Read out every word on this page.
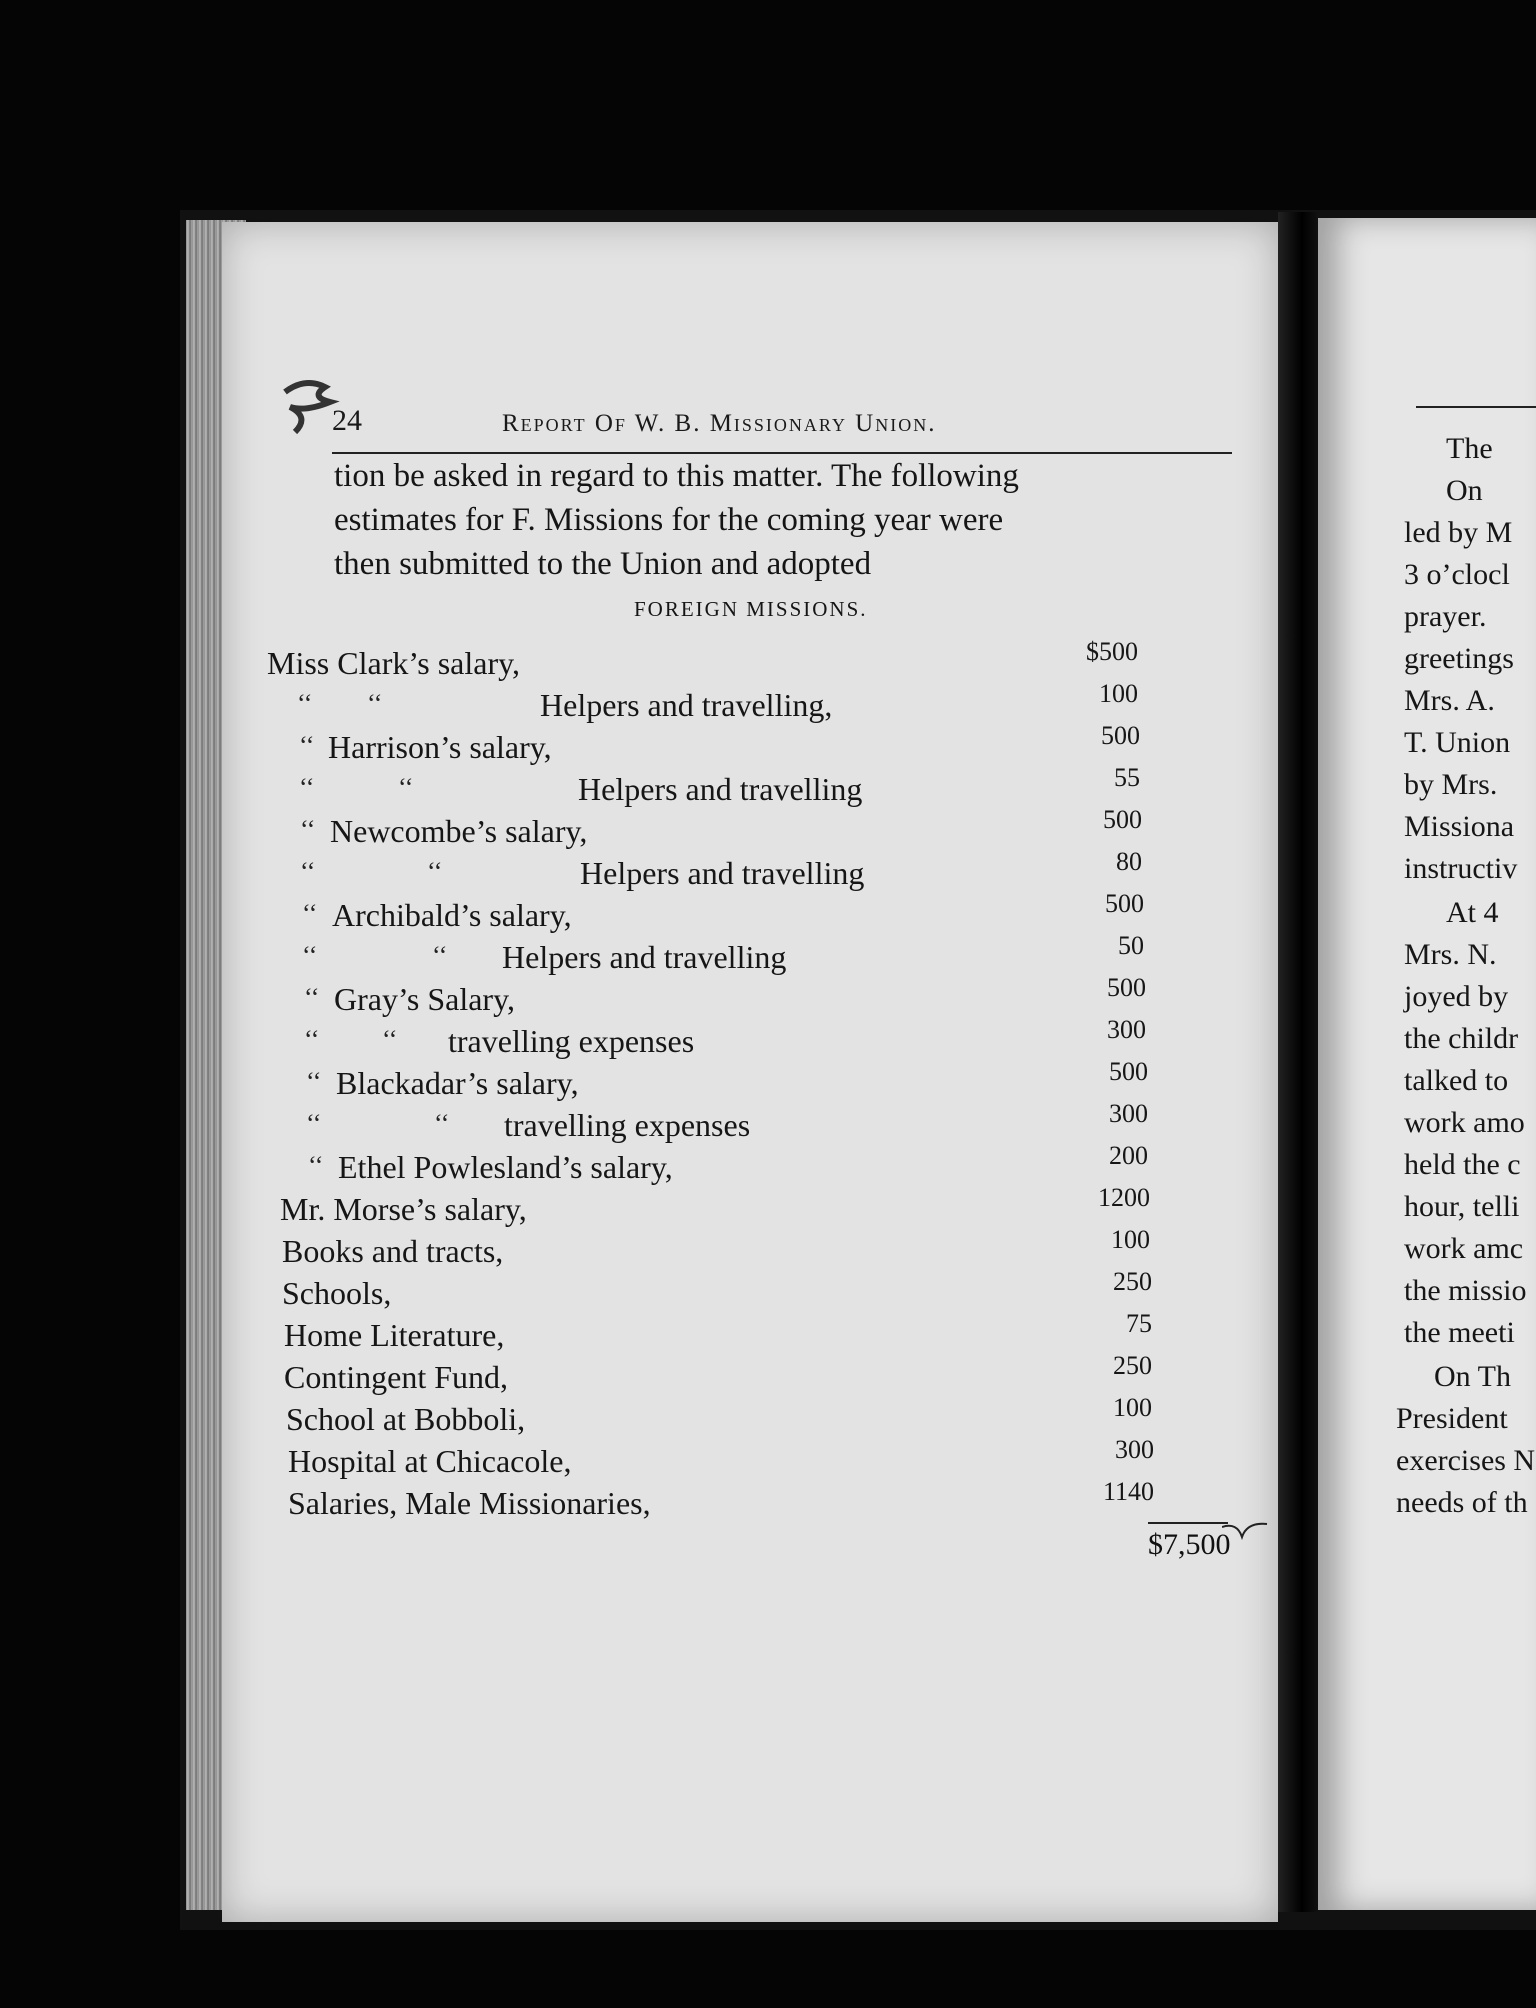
24	Report Of W. B. Missionary Union.
tion be asked in regard to this matter. The following
estimates for F. Missions for the coming year were
then submitted to the Union and adopted
FOREIGN MISSIONS.
Miss Clark’s salary,	$500
‘‘ ‘‘	Helpers and travelling,	100
‘‘ Harrison’s salary,	500
‘‘	‘‘	Helpers and travelling	55
‘‘ Newcombe’s salary,	500
‘‘	‘‘	Helpers and travelling	80
‘‘ Archibald’s salary,	500
‘‘	‘‘ Helpers and travelling	50
‘‘ Gray’s Salary,	500
‘‘ ‘‘ travelling expenses	300
‘‘ Blackadar’s salary,	500
‘‘	‘‘ travelling expenses	300
‘‘ Ethel Powlesland’s salary,	200
Mr. Morse’s salary,	1200
Books and tracts,	100
Schools,	250
Home Literature,	75
Contingent Fund,	250
School at Bobboli,	100
Hospital at Chicacole,	300
Salaries, Male Missionaries,	1140
$7,500
The
On
led by M
3 o’clocl
prayer.
greetings
Mrs. A.
T. Union
by Mrs.
Missiona
instructiv
At 4
Mrs. N.
joyed by
the childr
talked to
work amo
held the c
hour, telli
work amc
the missio
the meeti
On Th
President
exercises N
needs of th
